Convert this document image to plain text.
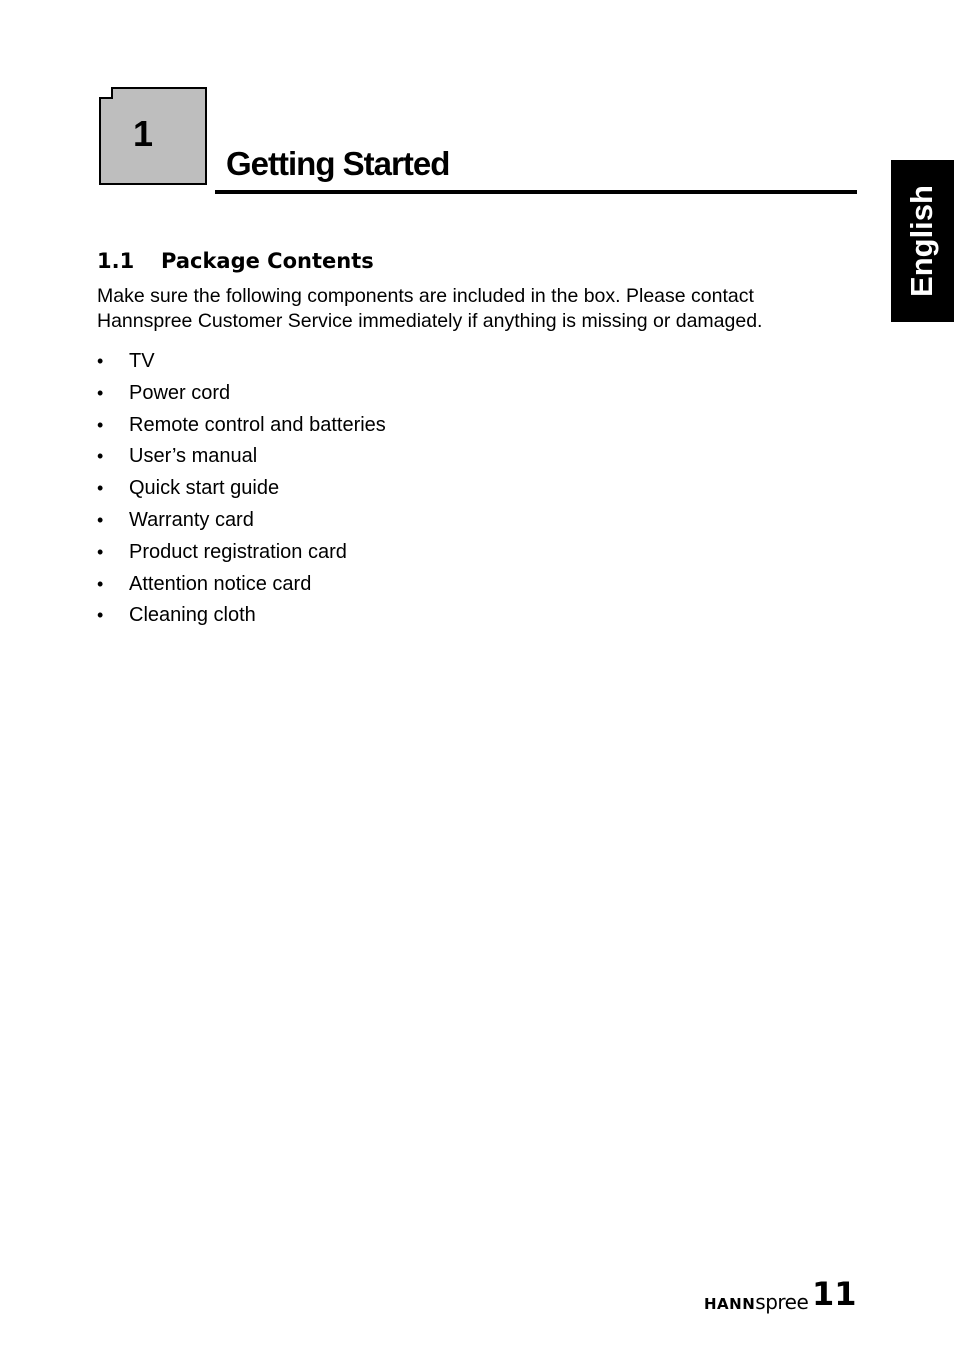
1
Getting Started
English
1.1 Package Contents

Make sure the following components are included in the box. Please contact

Hannspree Customer Service immediately if anything is missing or damaged.

• TV
• Power cord
• Remote control and batteries
• User’s manual
• Quick start guide
• Warranty card
• Product registration card
• Attention notice card
• Cleaning cloth
HANNspree 11
